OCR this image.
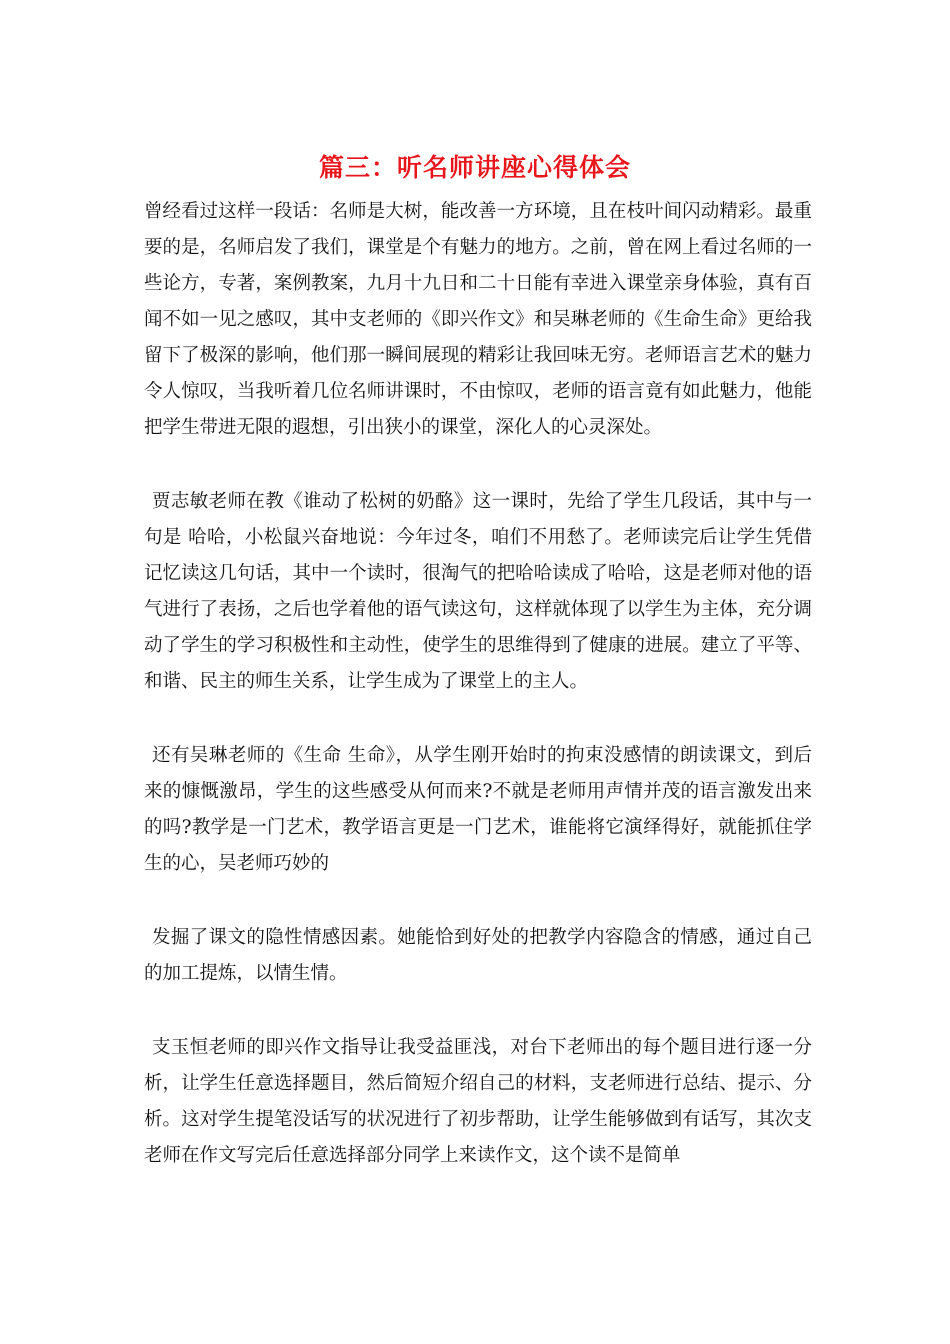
篇三：听名师讲座心得体会

曾经看过这样一段话：名师是大树，能改善一方环境，且在枝叶间闪动精彩。最重要的是，名师启发了我们，课堂是个有魅力的地方。之前，曾在网上看过名师的一些论方，专著，案例教案，九月十九日和二十日能有幸进入课堂亲身体验，真有百闻不如一见之感叹，其中支老师的《即兴作文》和吴琳老师的《生命生命》更给我留下了极深的影响，他们那一瞬间展现的精彩让我回味无穷。老师语言艺术的魅力令人惊叹，当我听着几位名师讲课时，不由惊叹，老师的语言竟有如此魅力，他能把学生带进无限的遐想，引出狭小的课堂，深化人的心灵深处。

贾志敏老师在教《谁动了松树的奶酪》这一课时，先给了学生几段话，其中与一句是 哈哈，小松鼠兴奋地说：今年过冬，咱们不用愁了。老师读完后让学生凭借记忆读这几句话，其中一个读时，很淘气的把哈哈读成了哈哈，这是老师对他的语气进行了表扬，之后也学着他的语气读这句，这样就体现了以学生为主体，充分调动了学生的学习积极性和主动性，使学生的思维得到了健康的进展。建立了平等、和谐、民主的师生关系，让学生成为了课堂上的主人。

还有吴琳老师的《生命 生命》，从学生刚开始时的拘束没感情的朗读课文，到后来的慷慨激昂，学生的这些感受从何而来?不就是老师用声情并茂的语言激发出来的吗?教学是一门艺术，教学语言更是一门艺术，谁能将它演绎得好，就能抓住学生的心，吴老师巧妙的

发掘了课文的隐性情感因素。她能恰到好处的把教学内容隐含的情感，通过自己的加工提炼，以情生情。

支玉恒老师的即兴作文指导让我受益匪浅，对台下老师出的每个题目进行逐一分析，让学生任意选择题目，然后简短介绍自己的材料，支老师进行总结、提示、分析。这对学生提笔没话写的状况进行了初步帮助，让学生能够做到有话写，其次支老师在作文写完后任意选择部分同学上来读作文，这个读不是简单
